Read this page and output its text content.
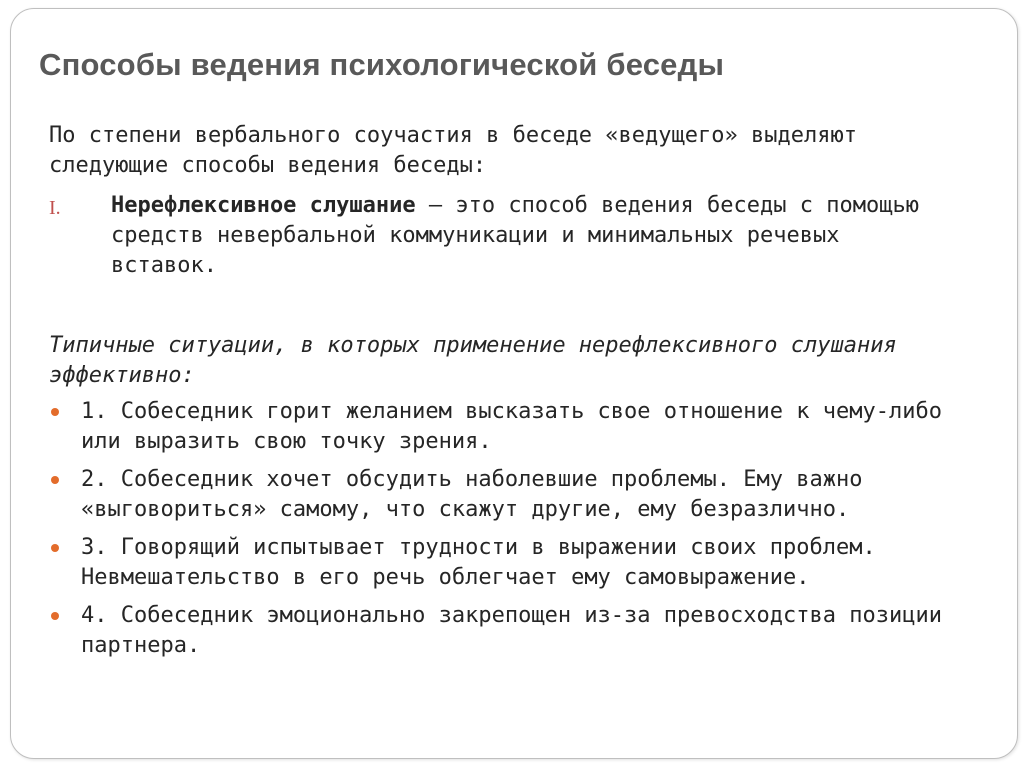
Способы ведения психологической беседы

По степени вербального соучастия в беседе «ведущего» выделяют следующие способы ведения беседы:

I. Нерефлексивное слушание – это способ ведения беседы с помощью средств невербальной коммуникации и минимальных речевых вставок.

Типичные ситуации, в которых применение нерефлексивного слушания эффективно:

1. Собеседник горит желанием высказать свое отношение к чему-либо или выразить свою точку зрения.
2. Собеседник хочет обсудить наболевшие проблемы. Ему важно «выговориться» самому, что скажут другие, ему безразлично.
3. Говорящий испытывает трудности в выражении своих проблем. Невмешательство в его речь облегчает ему самовыражение.
4. Собеседник эмоционально закрепощен из-за превосходства позиции партнера.
